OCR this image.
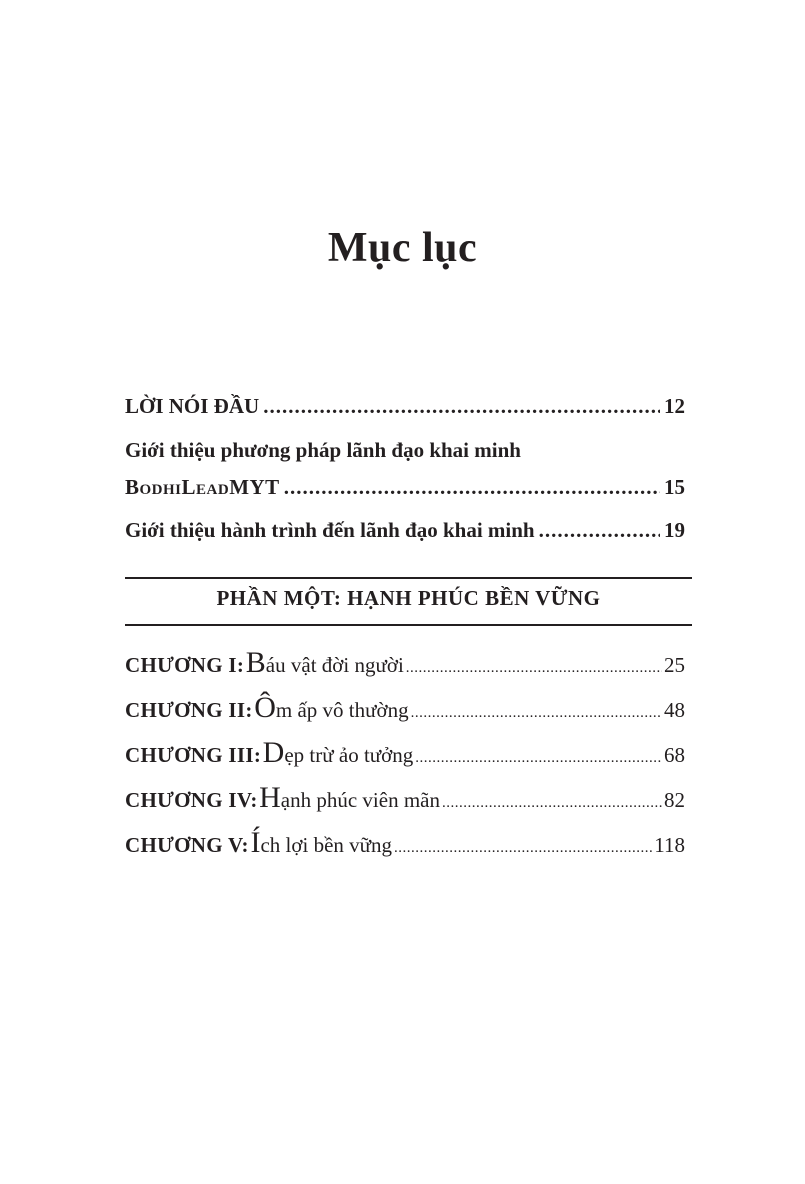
Mục lục
LỜI NÓI ĐẦU .....	12
Giới thiệu phương pháp lãnh đạo khai minh
BodhiLeadMYT .....	15
Giới thiệu hành trình đến lãnh đạo khai minh .....	19
PHẦN MỘT: HẠNH PHÚC BỀN VỮNG
CHƯƠNG I: B áu vật đời người .....	25
CHƯƠNG II: Ô m ấp vô thường .....	48
CHƯƠNG III: D ẹp trừ ảo tưởng .....	68
CHƯƠNG IV: H ạnh phúc viên mãn .....	82
CHƯƠNG V: Í ch lợi bền vững .....	118
